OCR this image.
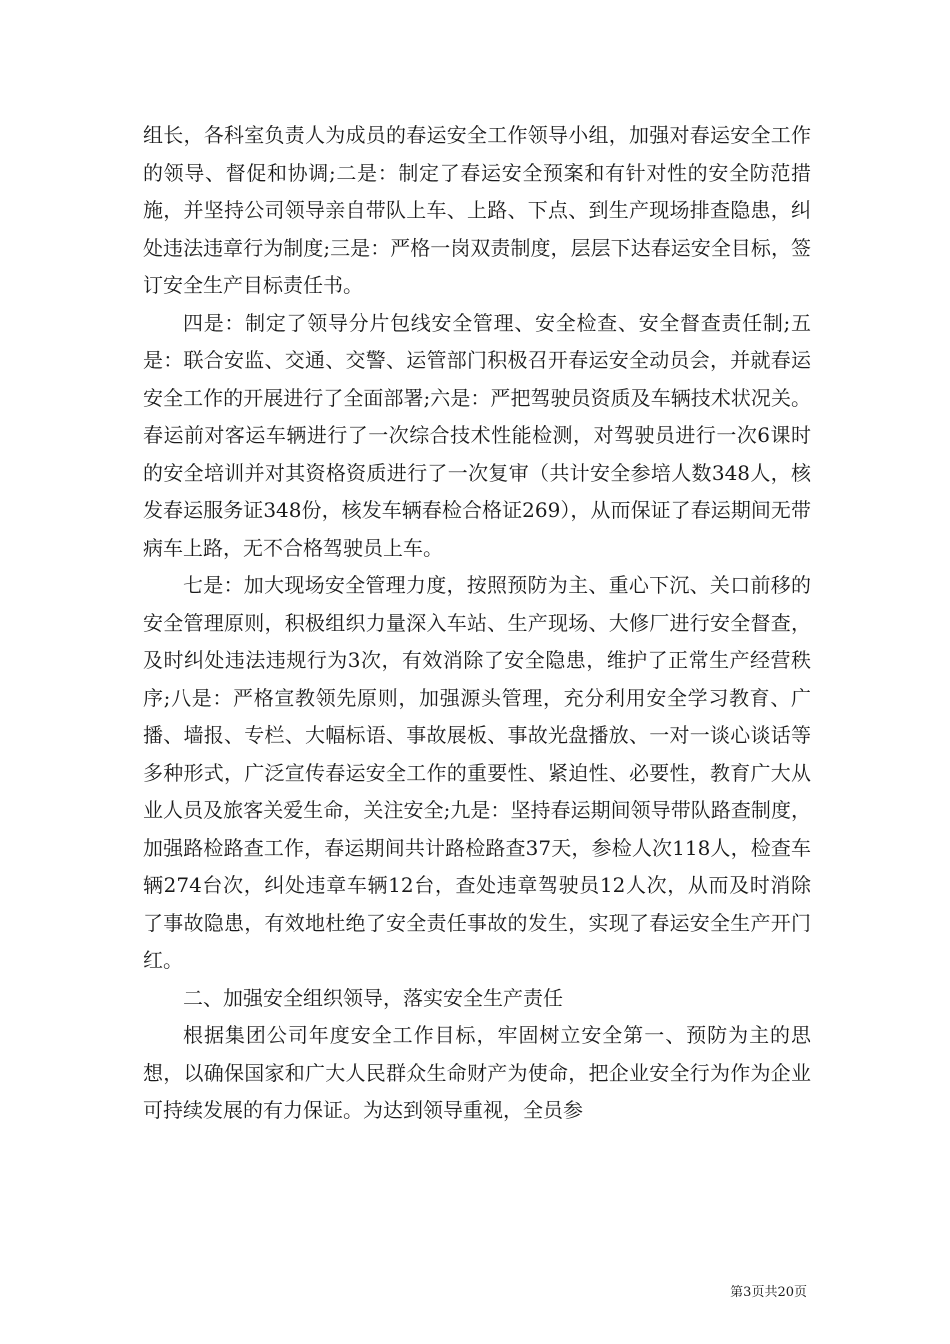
组长，各科室负责人为成员的春运安全工作领导小组，加强对春运安全工作的领导、督促和协调;二是：制定了春运安全预案和有针对性的安全防范措施，并坚持公司领导亲自带队上车、上路、下点、到生产现场排查隐患，纠处违法违章行为制度;三是：严格一岗双责制度，层层下达春运安全目标，签订安全生产目标责任书。

四是：制定了领导分片包线安全管理、安全检查、安全督查责任制;五是：联合安监、交通、交警、运管部门积极召开春运安全动员会，并就春运安全工作的开展进行了全面部署;六是：严把驾驶员资质及车辆技术状况关。春运前对客运车辆进行了一次综合技术性能检测，对驾驶员进行一次6课时的安全培训并对其资格资质进行了一次复审（共计安全参培人数348人，核发春运服务证348份，核发车辆春检合格证269），从而保证了春运期间无带病车上路，无不合格驾驶员上车。

七是：加大现场安全管理力度，按照预防为主、重心下沉、关口前移的安全管理原则，积极组织力量深入车站、生产现场、大修厂进行安全督查，及时纠处违法违规行为3次，有效消除了安全隐患，维护了正常生产经营秩序;八是：严格宣教领先原则，加强源头管理，充分利用安全学习教育、广播、墙报、专栏、大幅标语、事故展板、事故光盘播放、一对一谈心谈话等多种形式，广泛宣传春运安全工作的重要性、紧迫性、必要性，教育广大从业人员及旅客关爱生命，关注安全;九是：坚持春运期间领导带队路查制度，加强路检路查工作，春运期间共计路检路查37天，参检人次118人，检查车辆274台次，纠处违章车辆12台，查处违章驾驶员12人次，从而及时消除了事故隐患，有效地杜绝了安全责任事故的发生，实现了春运安全生产开门红。

二、加强安全组织领导，落实安全生产责任

根据集团公司年度安全工作目标，牢固树立安全第一、预防为主的思想，以确保国家和广大人民群众生命财产为使命，把企业安全行为作为企业可持续发展的有力保证。为达到领导重视，全员参

第3页共20页
